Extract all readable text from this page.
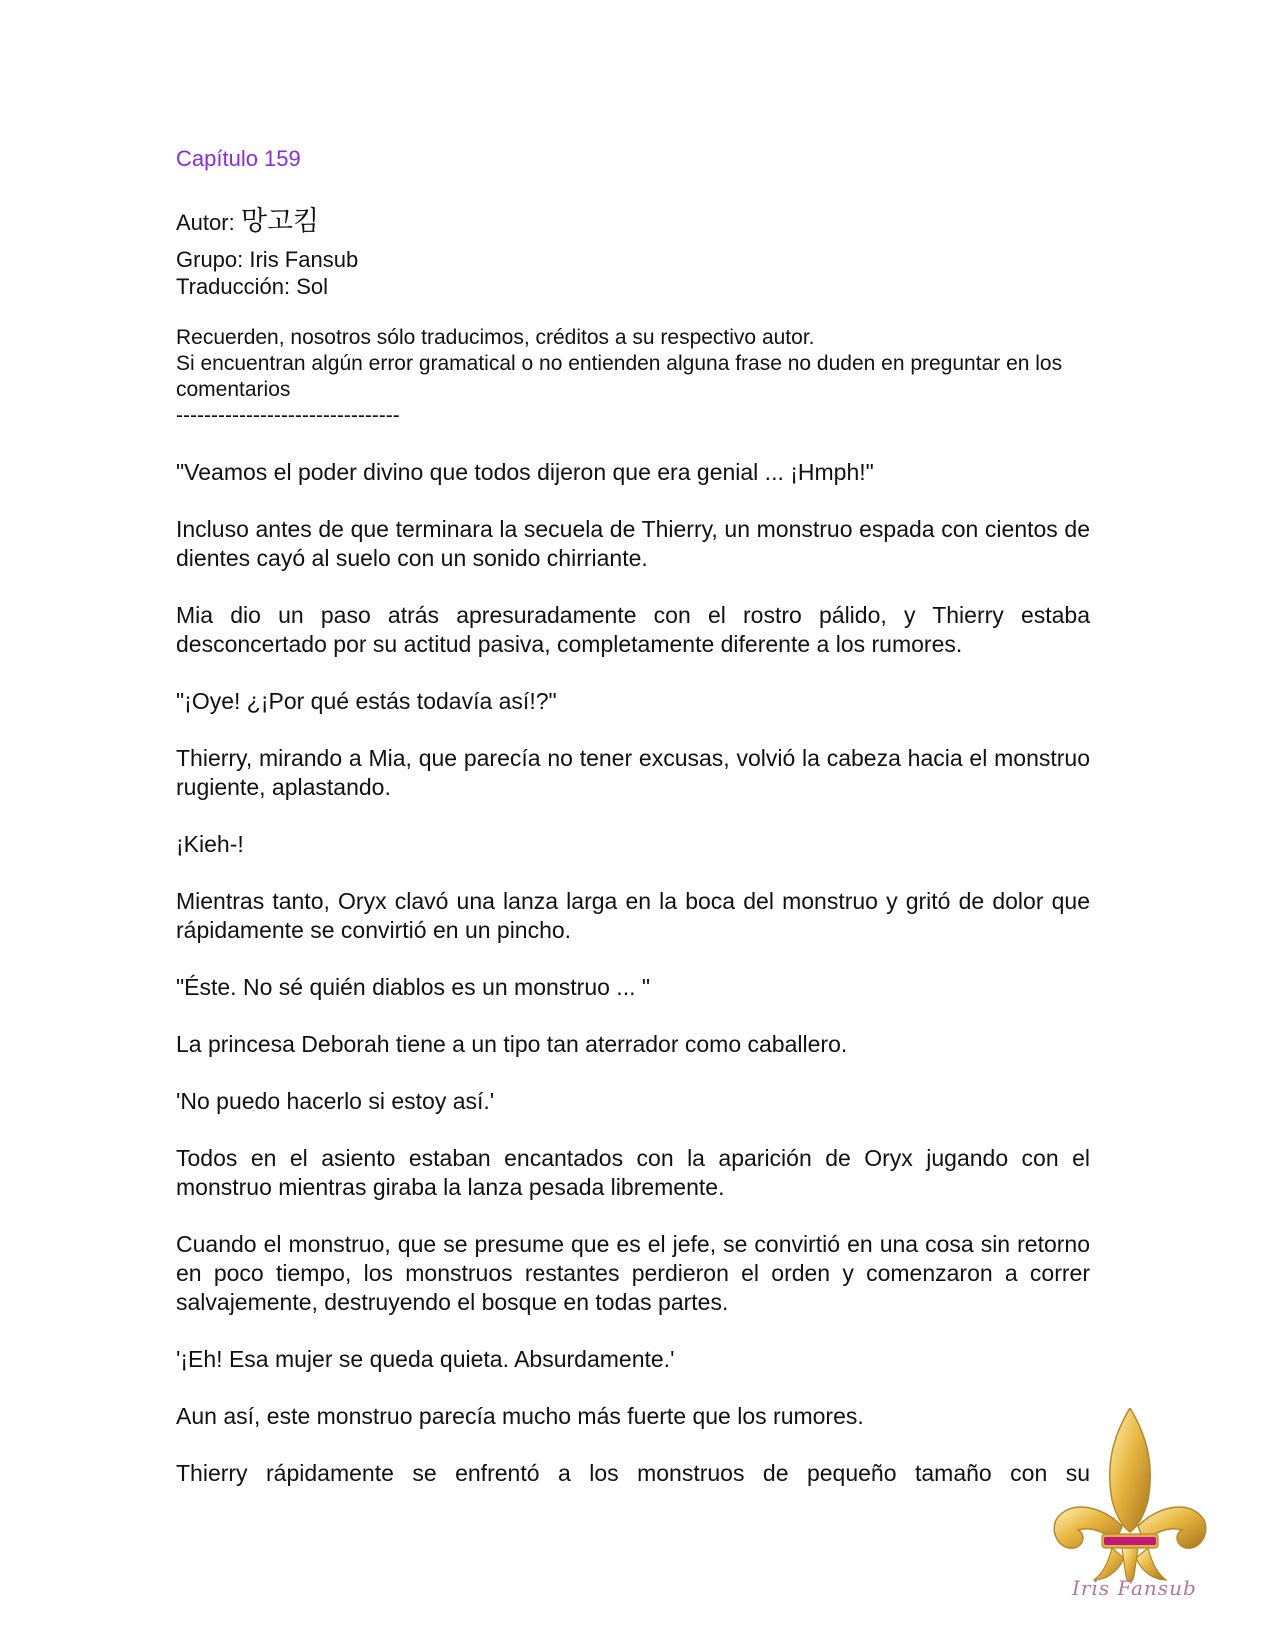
Capítulo 159
Autor: 망고킴
Grupo: Iris Fansub
Traducción: Sol
Recuerden, nosotros sólo traducimos, créditos a su respectivo autor.
Si encuentran algún error gramatical o no entienden alguna frase no duden en preguntar en los comentarios
--------------------------------

"Veamos el poder divino que todos dijeron que era genial ... ¡Hmph!"

Incluso antes de que terminara la secuela de Thierry, un monstruo espada con cientos de dientes cayó al suelo con un sonido chirriante.

Mia dio un paso atrás apresuradamente con el rostro pálido, y Thierry estaba desconcertado por su actitud pasiva, completamente diferente a los rumores.

"¡Oye! ¿¡Por qué estás todavía así!?"

Thierry, mirando a Mia, que parecía no tener excusas, volvió la cabeza hacia el monstruo rugiente, aplastando.

¡Kieh-!

Mientras tanto, Oryx clavó una lanza larga en la boca del monstruo y gritó de dolor que rápidamente se convirtió en un pincho.

"Éste. No sé quién diablos es un monstruo ... "

La princesa Deborah tiene a un tipo tan aterrador como caballero.

'No puedo hacerlo si estoy así.'

Todos en el asiento estaban encantados con la aparición de Oryx jugando con el monstruo mientras giraba la lanza pesada libremente.

Cuando el monstruo, que se presume que es el jefe, se convirtió en una cosa sin retorno en poco tiempo, los monstruos restantes perdieron el orden y comenzaron a correr salvajemente, destruyendo el bosque en todas partes.

'¡Eh! Esa mujer se queda quieta. Absurdamente.'

Aun así, este monstruo parecía mucho más fuerte que los rumores.

Thierry rápidamente se enfrentó a los monstruos de pequeño tamaño con su

Iris Fansub
